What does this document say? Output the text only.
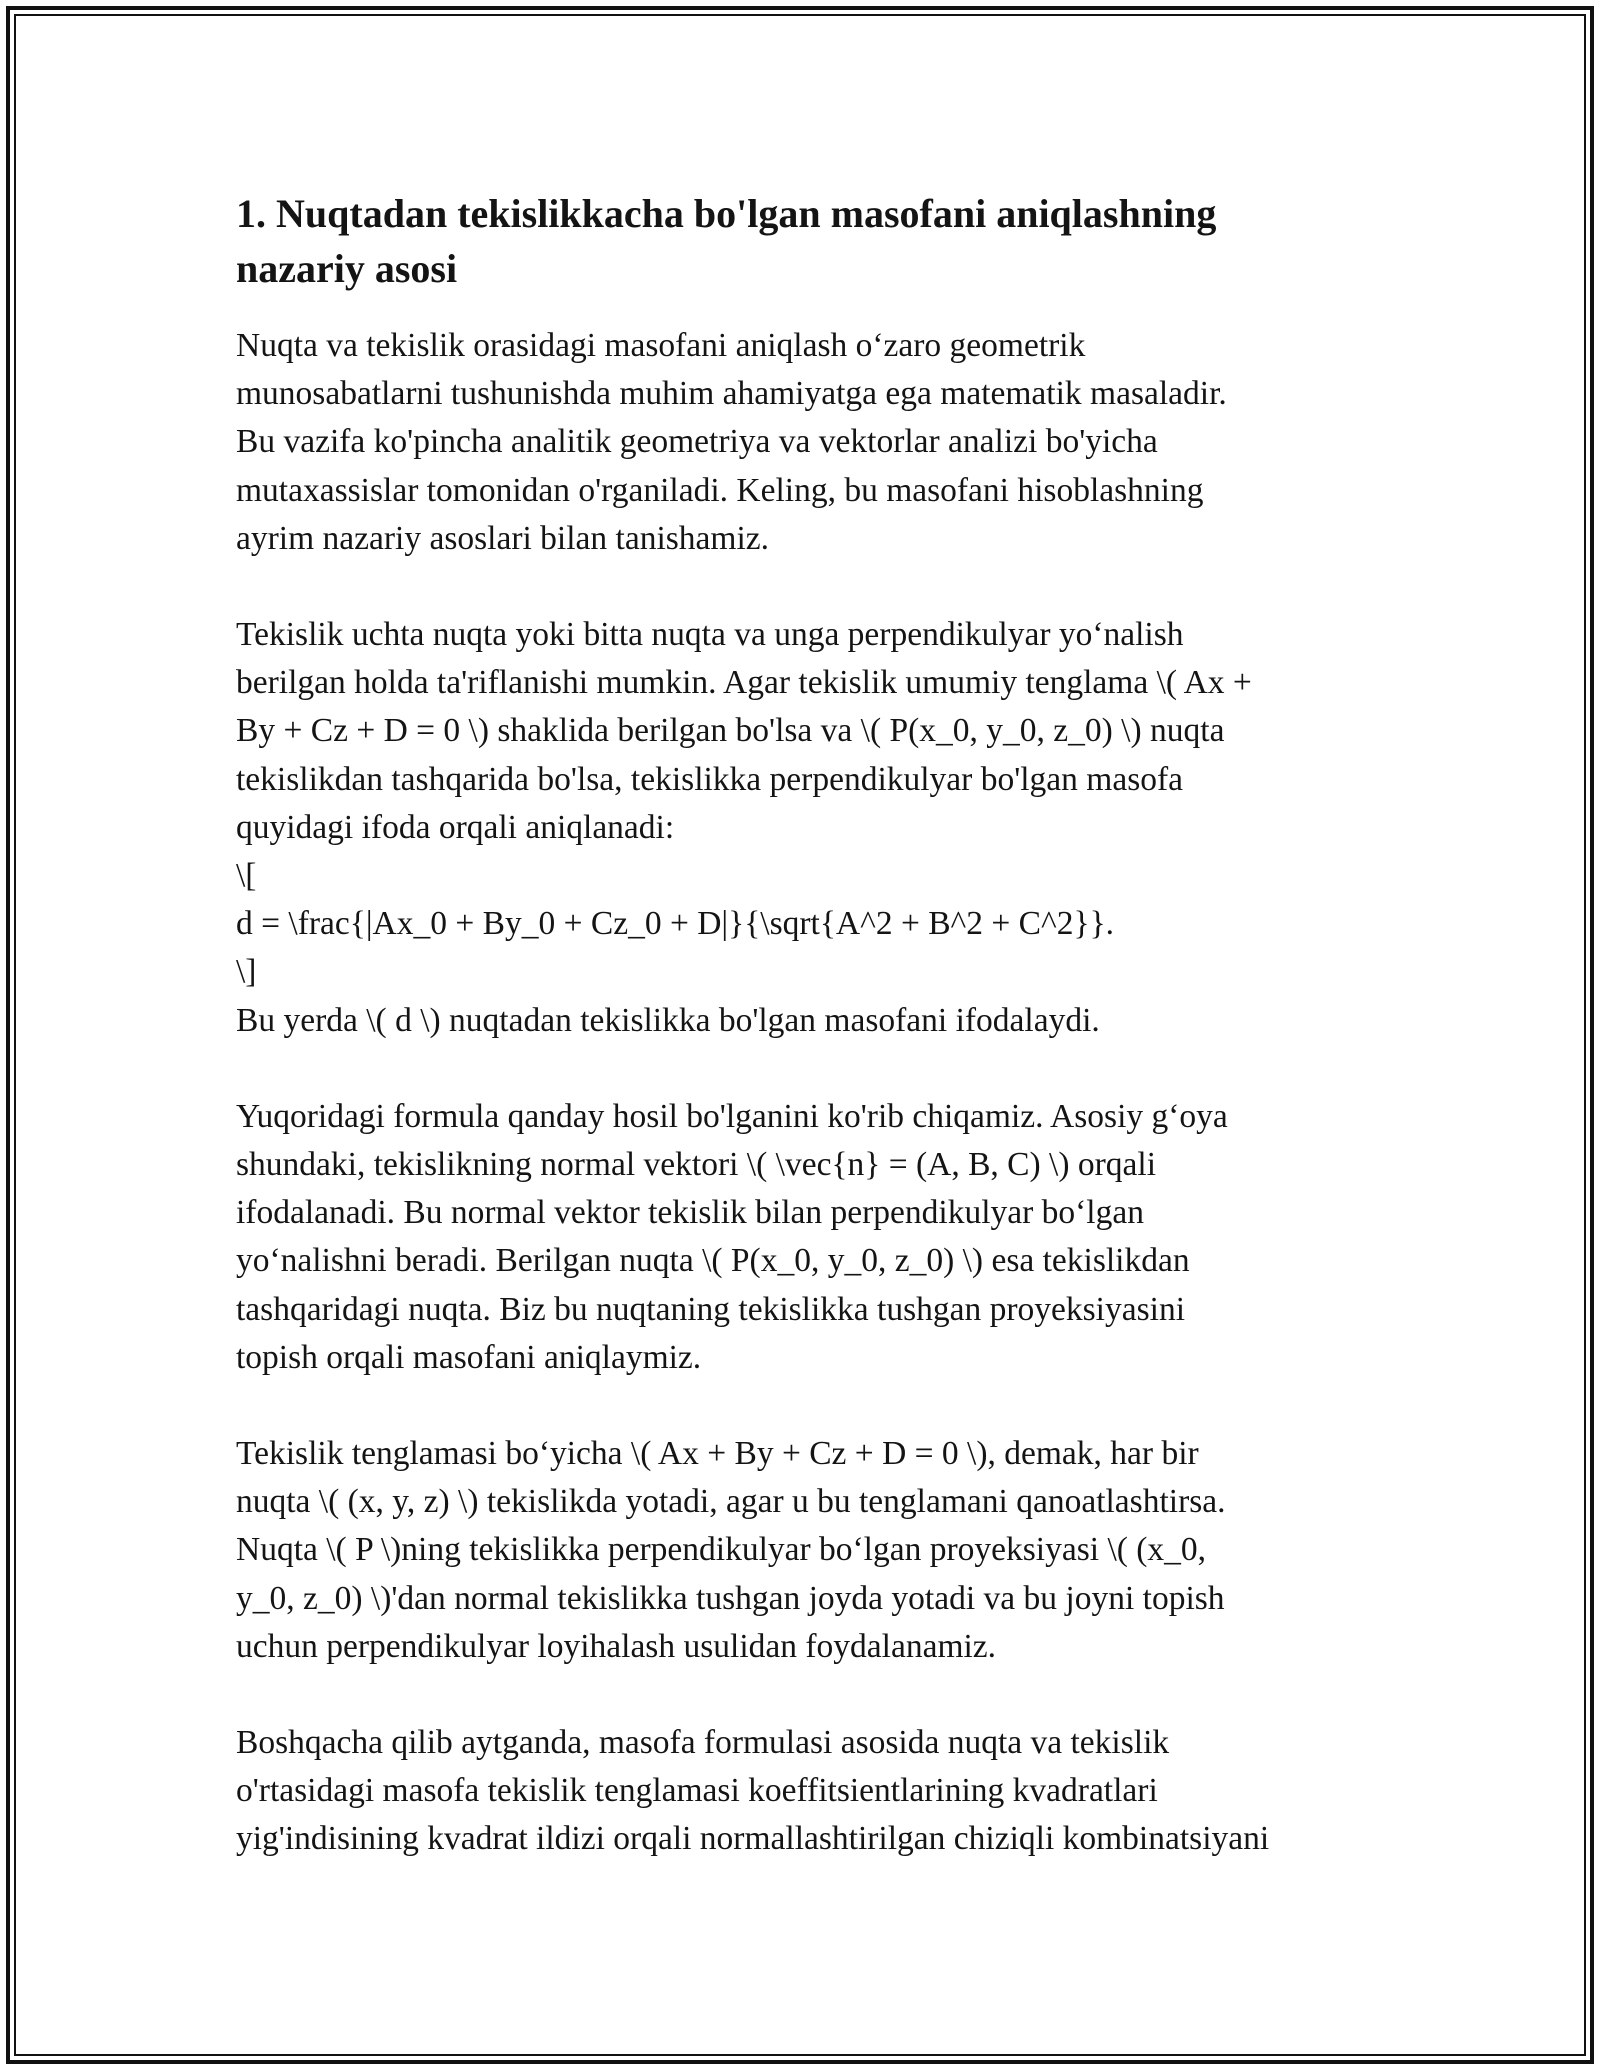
1. Nuqtadan tekislikkacha bo'lgan masofani aniqlashning
nazariy asosi
Nuqta va tekislik orasidagi masofani aniqlash o‘zaro geometrik
munosabatlarni tushunishda muhim ahamiyatga ega matematik masaladir.
Bu vazifa ko'pincha analitik geometriya va vektorlar analizi bo'yicha
mutaxassislar tomonidan o'rganiladi. Keling, bu masofani hisoblashning
ayrim nazariy asoslari bilan tanishamiz.
Tekislik uchta nuqta yoki bitta nuqta va unga perpendikulyar yo‘nalish
berilgan holda ta'riflanishi mumkin. Agar tekislik umumiy tenglama \( Ax +
By + Cz + D = 0 \) shaklida berilgan bo'lsa va \( P(x_0, y_0, z_0) \) nuqta
tekislikdan tashqarida bo'lsa, tekislikka perpendikulyar bo'lgan masofa
quyidagi ifoda orqali aniqlanadi:
\[
d = \frac{|Ax_0 + By_0 + Cz_0 + D|}{\sqrt{A^2 + B^2 + C^2}}.
\]
Bu yerda \( d \) nuqtadan tekislikka bo'lgan masofani ifodalaydi.
Yuqoridagi formula qanday hosil bo'lganini ko'rib chiqamiz. Asosiy g‘oya
shundaki, tekislikning normal vektori \( \vec{n} = (A, B, C) \) orqali
ifodalanadi. Bu normal vektor tekislik bilan perpendikulyar bo‘lgan
yo‘nalishni beradi. Berilgan nuqta \( P(x_0, y_0, z_0) \) esa tekislikdan
tashqaridagi nuqta. Biz bu nuqtaning tekislikka tushgan proyeksiyasini
topish orqali masofani aniqlaymiz.
Tekislik tenglamasi bo‘yicha \( Ax + By + Cz + D = 0 \), demak, har bir
nuqta \( (x, y, z) \) tekislikda yotadi, agar u bu tenglamani qanoatlashtirsa.
Nuqta \( P \)ning tekislikka perpendikulyar bo‘lgan proyeksiyasi \( (x_0,
y_0, z_0) \)'dan normal tekislikka tushgan joyda yotadi va bu joyni topish
uchun perpendikulyar loyihalash usulidan foydalanamiz.
Boshqacha qilib aytganda, masofa formulasi asosida nuqta va tekislik
o'rtasidagi masofa tekislik tenglamasi koeffitsientlarining kvadratlari
yig'indisining kvadrat ildizi orqali normallashtirilgan chiziqli kombinatsiyani
